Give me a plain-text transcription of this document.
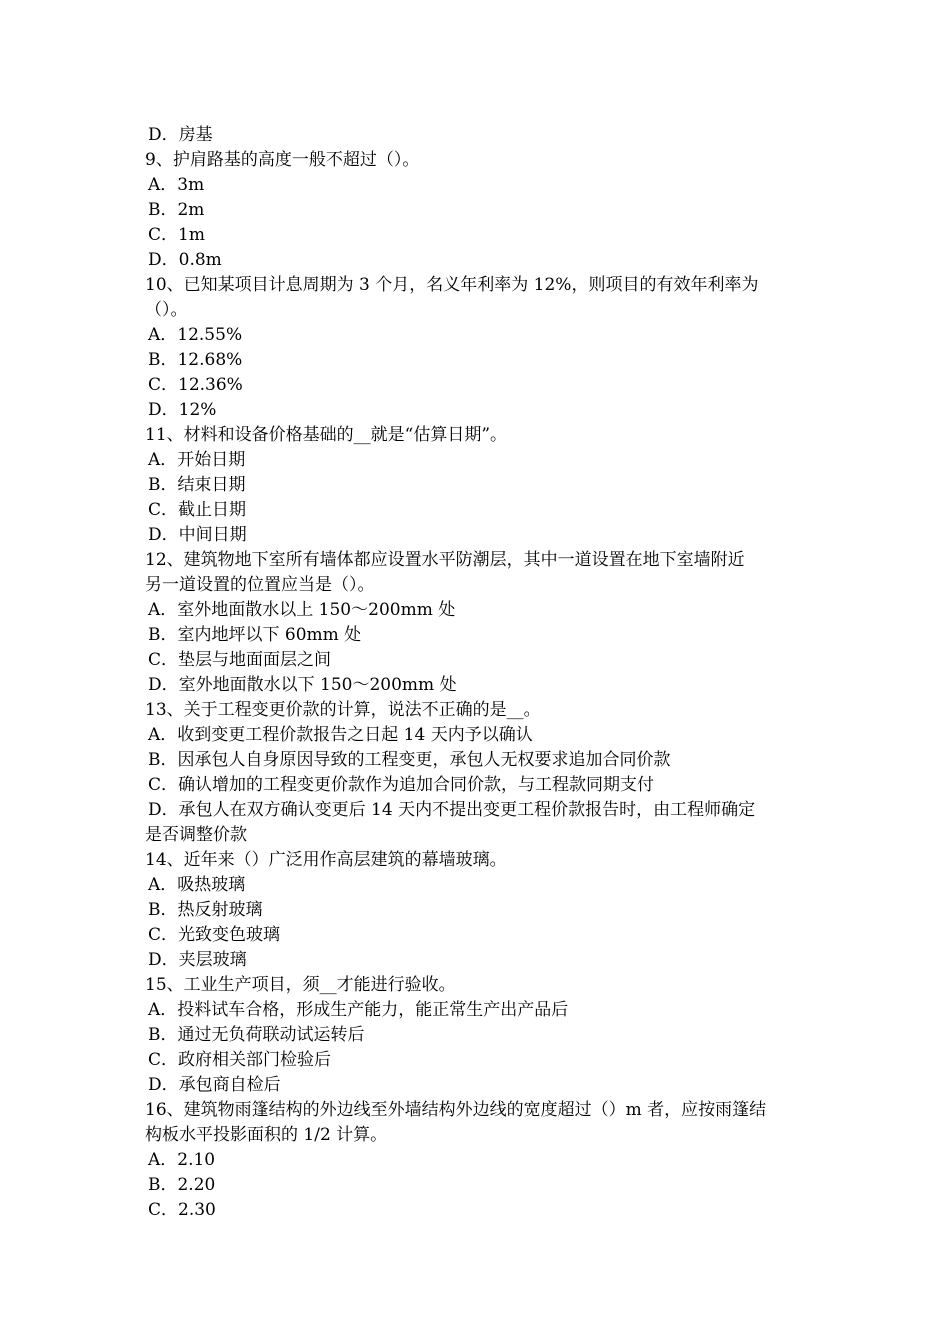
D．房基
9、护肩路基的高度一般不超过（）。
A．3m
B．2m
C．1m
D．0.8m
10、已知某项目计息周期为 3 个月，名义年利率为 12%，则项目的有效年利率为
（）。
A．12.55%
B．12.68%
C．12.36%
D．12%
11、材料和设备价格基础的__就是“估算日期”。
A．开始日期
B．结束日期
C．截止日期
D．中间日期
12、建筑物地下室所有墙体都应设置水平防潮层，其中一道设置在地下室墙附近
另一道设置的位置应当是（）。
A．室外地面散水以上 150～200mm 处
B．室内地坪以下 60mm 处
C．垫层与地面面层之间
D．室外地面散水以下 150～200mm 处
13、关于工程变更价款的计算，说法不正确的是__。
A．收到变更工程价款报告之日起 14 天内予以确认
B．因承包人自身原因导致的工程变更，承包人无权要求追加合同价款
C．确认增加的工程变更价款作为追加合同价款，与工程款同期支付
D．承包人在双方确认变更后 14 天内不提出变更工程价款报告时，由工程师确定
是否调整价款
14、近年来（）广泛用作高层建筑的幕墙玻璃。
A．吸热玻璃
B．热反射玻璃
C．光致变色玻璃
D．夹层玻璃
15、工业生产项目，须__才能进行验收。
A．投料试车合格，形成生产能力，能正常生产出产品后
B．通过无负荷联动试运转后
C．政府相关部门检验后
D．承包商自检后
16、建筑物雨篷结构的外边线至外墙结构外边线的宽度超过（）m 者，应按雨篷结
构板水平投影面积的 1/2 计算。
A．2.10
B．2.20
C．2.30
